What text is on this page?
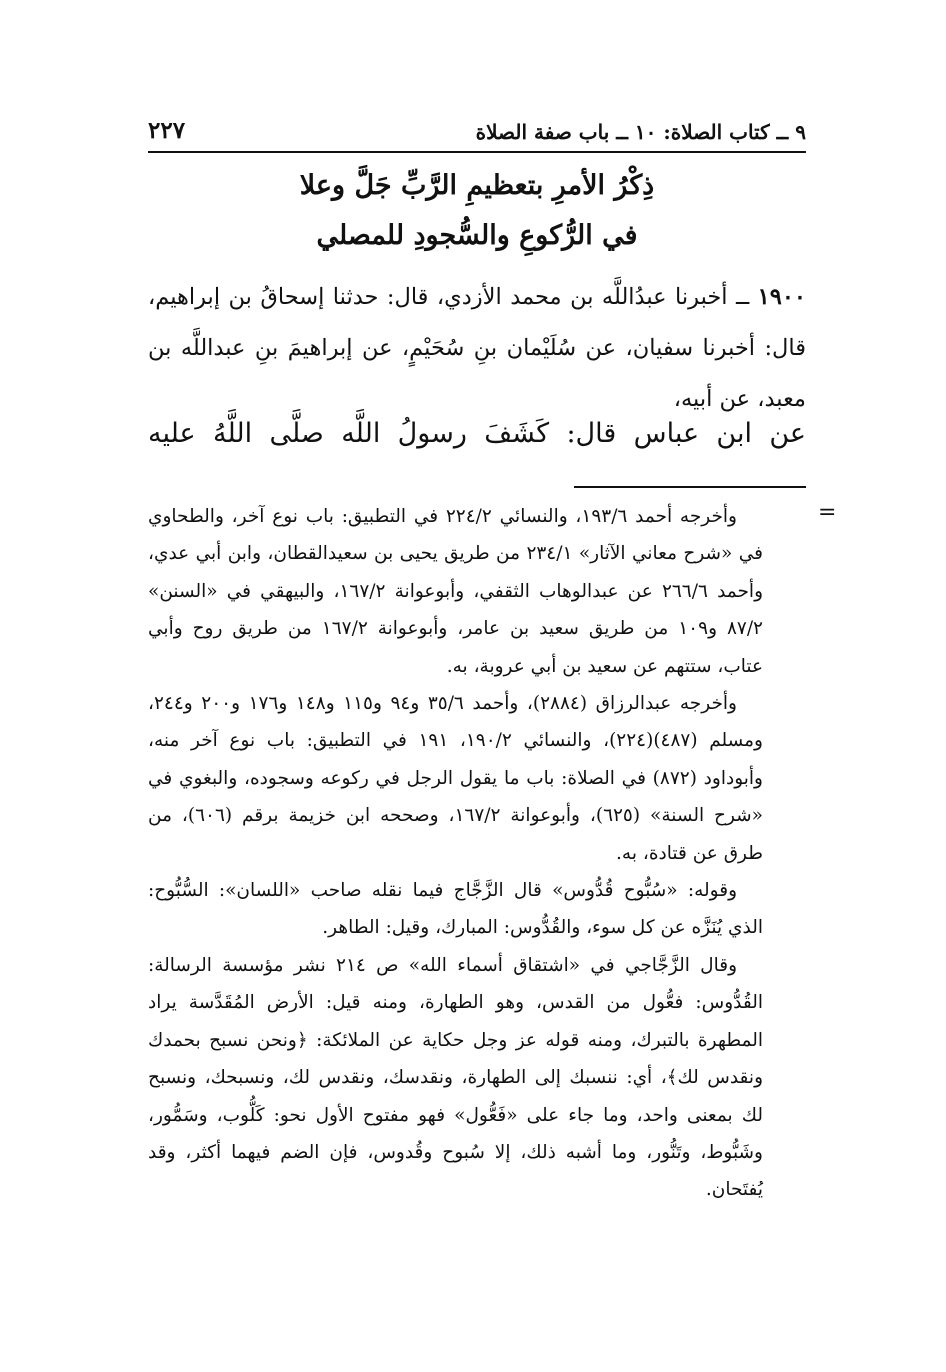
٩ ــ كتاب الصلاة: ١٠ ــ باب صفة الصلاة
٢٢٧
ذِكْرُ الأمرِ بتعظيمِ الرَّبِّ جَلَّ وعلا
في الرُّكوعِ والسُّجودِ للمصلي

١٩٠٠ ــ أخبرنا عبدُاللَّه بن محمد الأزدي، قال: حدثنا إسحاقُ بن إبراهيم، قال: أخبرنا سفيان، عن سُلَيْمان بنِ سُحَيْمٍ، عن إبراهيمَ بنِ عبداللَّه بن معبد، عن أبيه،

عن ابن عباس قال: كَشَفَ رسولُ اللَّه صلَّى اللَّهُ عليه
=

وأخرجه أحمد ١٩٣/٦، والنسائي ٢٢٤/٢ في التطبيق: باب نوع آخر، والطحاوي في «شرح معاني الآثار» ٢٣٤/١ من طريق يحيى بن سعيدالقطان، وابن أبي عدي، وأحمد ٢٦٦/٦ عن عبدالوهاب الثقفي، وأبوعوانة ١٦٧/٢، والبيهقي في «السنن» ٨٧/٢ و١٠٩ من طريق سعيد بن عامر، وأبوعوانة ١٦٧/٢ من طريق روح وأبي عتاب، ستتهم عن سعيد بن أبي عروبة، به.

وأخرجه عبدالرزاق (٢٨٨٤)، وأحمد ٣٥/٦ و٩٤ و١١٥ و١٤٨ و١٧٦ و٢٠٠ و٢٤٤، ومسلم (٤٨٧)(٢٢٤)، والنسائي ١٩٠/٢، ١٩١ في التطبيق: باب نوع آخر منه، وأبوداود (٨٧٢) في الصلاة: باب ما يقول الرجل في ركوعه وسجوده، والبغوي في «شرح السنة» (٦٢٥)، وأبوعوانة ١٦٧/٢، وصححه ابن خزيمة برقم (٦٠٦)، من طرق عن قتادة، به.

وقوله: «سُبُّوح قُدُّوس» قال الزَّجَّاج فيما نقله صاحب «اللسان»: السُّبُّوح: الذي يُنَزَّه عن كل سوء، والقُدُّوس: المبارك، وقيل: الطاهر.

وقال الزَّجَّاجي في «اشتقاق أسماء الله» ص ٢١٤ نشر مؤسسة الرسالة: القُدُّوس: فعُّول من القدس، وهو الطهارة، ومنه قيل: الأرض المُقَدَّسة يراد المطهرة بالتبرك، ومنه قوله عز وجل حكاية عن الملائكة: ﴿ونحن نسبح بحمدك ونقدس لك﴾، أي: ننسبك إلى الطهارة، ونقدسك، ونقدس لك، ونسبحك، ونسبح لك بمعنى واحد، وما جاء على «فَعُّول» فهو مفتوح الأول نحو: كَلُّوب، وسَمُّور، وشَبُّوط، وتَنُّور، وما أشبه ذلك، إلا سُبوح وقُدوس، فإن الضم فيهما أكثر، وقد يُفتَحان.
